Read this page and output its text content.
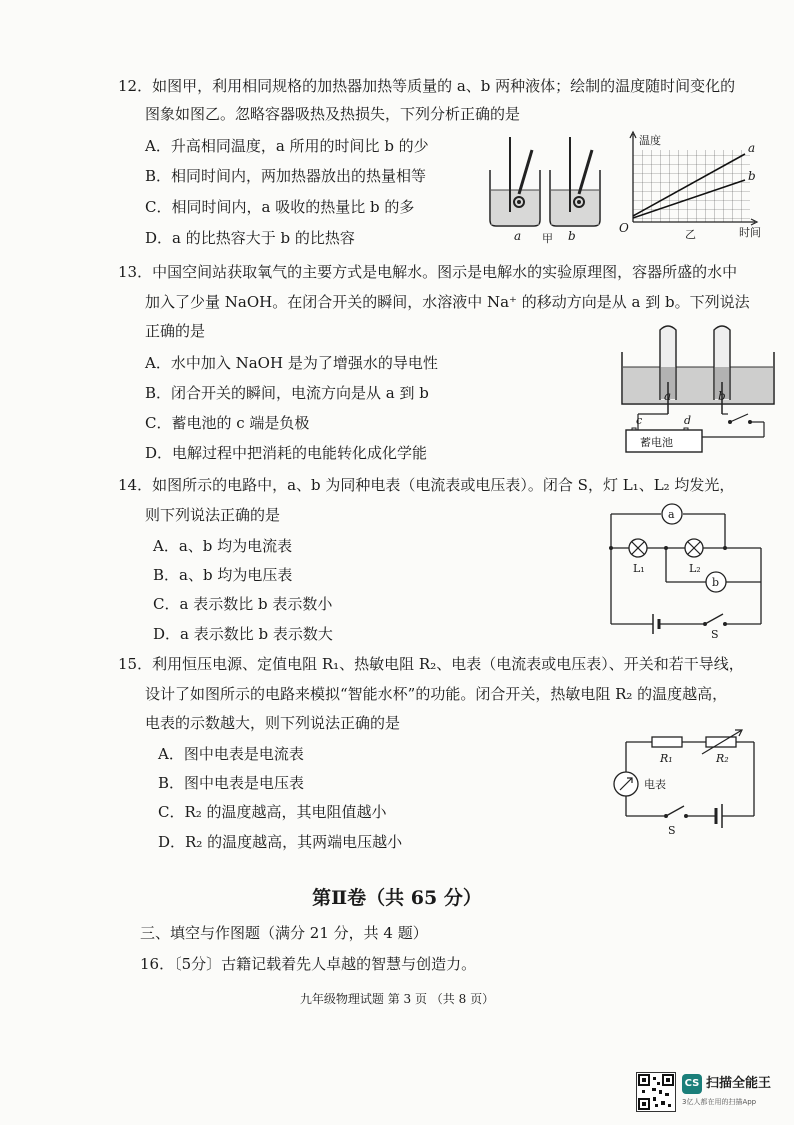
12．如图甲，利用相同规格的加热器加热等质量的 a、b 两种液体；绘制的温度随时间变化的
图象如图乙。忽略容器吸热及热损失，下列分析正确的是
A．升高相同温度，a 所用的时间比 b 的少
B．相同时间内，两加热器放出的热量相等
C．相同时间内，a 吸收的热量比 b 的多
D．a 的比热容大于 b 的比热容	a 甲 b
温度
O
a
b
乙	时间
13．中国空间站获取氧气的主要方式是电解水。图示是电解水的实验原理图，容器所盛的水中
加入了少量 NaOH。在闭合开关的瞬间，水溶液中 Na⁺ 的移动方向是从 a 到 b。下列说法
正确的是
A．水中加入 NaOH 是为了增强水的导电性
B．闭合开关的瞬间，电流方向是从 a 到 b
C．蓄电池的 c 端是负极
D．电解过程中把消耗的电能转化成化学能
a	b
c	d
蓄电池
14．如图所示的电路中，a、b 为同种电表（电流表或电压表）。闭合 S，灯 L₁、L₂ 均发光，
则下列说法正确的是
A．a、b 均为电流表
B．a、b 均为电压表
C．a 表示数比 b 表示数小
D．a 表示数比 b 表示数大
a
b
L₁	L₂
S
15．利用恒压电源、定值电阻 R₁、热敏电阻 R₂、电表（电流表或电压表）、开关和若干导线，
设计了如图所示的电路来模拟“智能水杯”的功能。闭合开关，热敏电阻 R₂ 的温度越高，
电表的示数越大，则下列说法正确的是
A．图中电表是电流表
B．图中电表是电压表
C．R₂ 的温度越高，其电阻值越小
D．R₂ 的温度越高，其两端电压越小
R₁	R₂
电表
S
第Ⅱ卷（共 65 分）
三、填空与作图题（满分 21 分，共 4 题）
16．〔5分〕古籍记载着先人卓越的智慧与创造力。
九年级物理试题 第 3 页 （共 8 页）
CS 扫描全能王
3亿人都在用的扫描App
